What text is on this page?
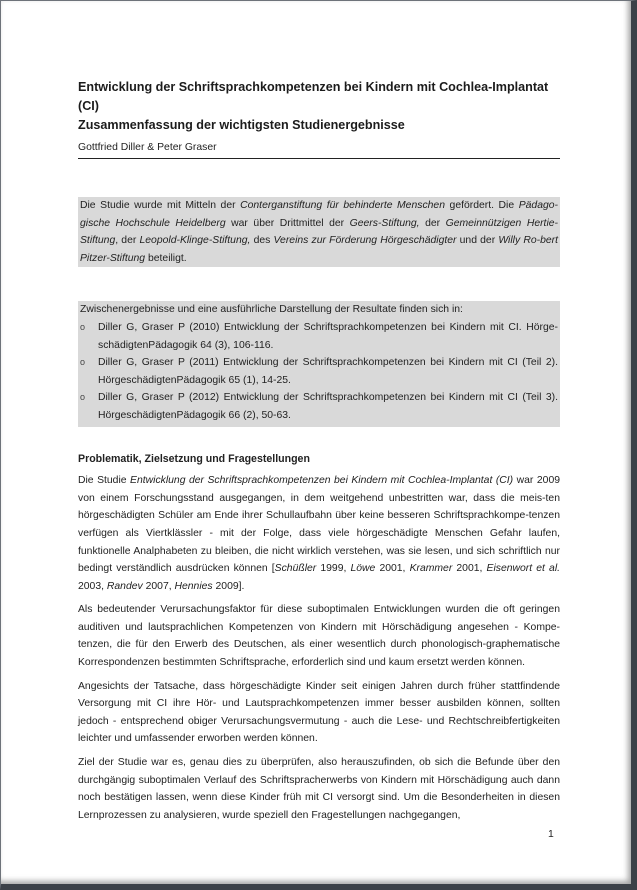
Entwicklung der Schriftsprachkompetenzen bei Kindern mit Cochlea-Implantat (CI)
Zusammenfassung der wichtigsten Studienergebnisse
Gottfried Diller & Peter Graser
Die Studie wurde mit Mitteln der Conterganstiftung für behinderte Menschen gefördert. Die Pädago-gische Hochschule Heidelberg war über Drittmittel der Geers-Stiftung, der Gemeinnützigen Hertie-Stiftung, der Leopold-Klinge-Stiftung, des Vereins zur Förderung Hörgeschädigter und der Willy Ro-bert Pitzer-Stiftung beteiligt.
Zwischenergebnisse und eine ausführliche Darstellung der Resultate finden sich in:
o Diller G, Graser P (2010) Entwicklung der Schriftsprachkompetenzen bei Kindern mit CI. Hörge-schädigtenPädagogik 64 (3), 106-116.
o Diller G, Graser P (2011) Entwicklung der Schriftsprachkompetenzen bei Kindern mit CI (Teil 2). HörgeschädigtenPädagogik 65 (1), 14-25.
o Diller G, Graser P (2012) Entwicklung der Schriftsprachkompetenzen bei Kindern mit CI (Teil 3). HörgeschädigtenPädagogik 66 (2), 50-63.
Problematik, Zielsetzung und Fragestellungen

Die Studie Entwicklung der Schriftsprachkompetenzen bei Kindern mit Cochlea-Implantat (CI) war 2009 von einem Forschungsstand ausgegangen, in dem weitgehend unbestritten war, dass die meis-ten hörgeschädigten Schüler am Ende ihrer Schullaufbahn über keine besseren Schriftsprachkompe-tenzen verfügen als Viertklässler - mit der Folge, dass viele hörgeschädigte Menschen Gefahr laufen, funktionelle Analphabeten zu bleiben, die nicht wirklich verstehen, was sie lesen, und sich schriftlich nur bedingt verständlich ausdrücken können [Schüßler 1999, Löwe 2001, Krammer 2001, Eisenwort et al. 2003, Randev 2007, Hennies 2009].

Als bedeutender Verursachungsfaktor für diese suboptimalen Entwicklungen wurden die oft geringen auditiven und lautsprachlichen Kompetenzen von Kindern mit Hörschädigung angesehen - Kompe-tenzen, die für den Erwerb des Deutschen, als einer wesentlich durch phonologisch-graphematische Korrespondenzen bestimmten Schriftsprache, erforderlich sind und kaum ersetzt werden können.

Angesichts der Tatsache, dass hörgeschädigte Kinder seit einigen Jahren durch früher stattfindende Versorgung mit CI ihre Hör- und Lautsprachkompetenzen immer besser ausbilden können, sollten jedoch - entsprechend obiger Verursachungsvermutung - auch die Lese- und Rechtschreibfertigkeiten leichter und umfassender erworben werden können.

Ziel der Studie war es, genau dies zu überprüfen, also herauszufinden, ob sich die Befunde über den durchgängig suboptimalen Verlauf des Schriftspracherwerbs von Kindern mit Hörschädigung auch dann noch bestätigen lassen, wenn diese Kinder früh mit CI versorgt sind. Um die Besonderheiten in diesen Lernprozessen zu analysieren, wurde speziell den Fragestellungen nachgegangen,

1
